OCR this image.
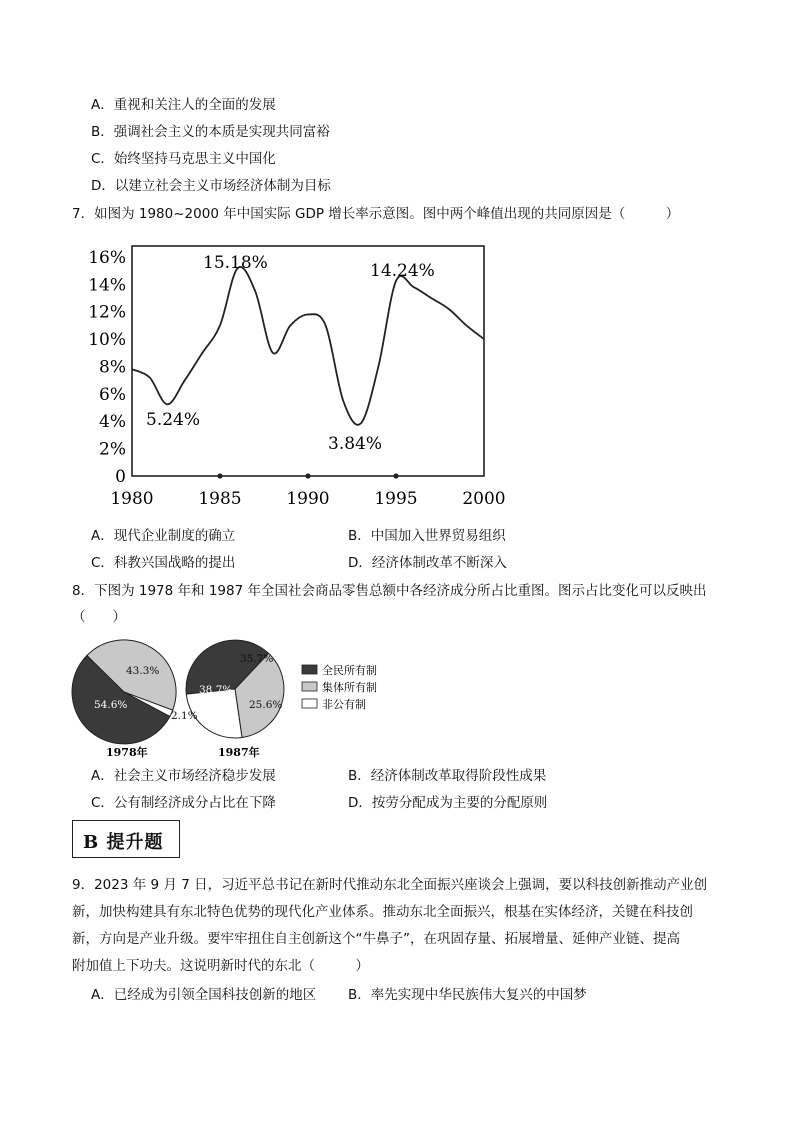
A．重视和关注人的全面的发展
B．强调社会主义的本质是实现共同富裕
C．始终坚持马克思主义中国化
D．以建立社会主义市场经济体制为目标
7．如图为 1980~2000 年中国实际 GDP 增长率示意图。图中两个峰值出现的共同原因是（　　　）
0
2%
4%
6%
8%
10%
12%
14%
16%
1980	1985	1990	1995	2000
15.18%	14.24%
5.24%
3.84%
A．现代企业制度的确立	B．中国加入世界贸易组织
C．科教兴国战略的提出	D．经济体制改革不断深入
8．下图为 1978 年和 1987 年全国社会商品零售总额中各经济成分所占比重图。图示占比变化可以反映出
（　　）
54.6%
43.3%
2.1%
38.7%
35.7%
25.6%
1978年	1987年
全民所有制
集体所有制
非公有制
A．社会主义市场经济稳步发展	B．经济体制改革取得阶段性成果
C．公有制经济成分占比在下降	D．按劳分配成为主要的分配原则
B 提升题
9．2023 年 9 月 7 日，习近平总书记在新时代推动东北全面振兴座谈会上强调，要以科技创新推动产业创
新，加快构建具有东北特色优势的现代化产业体系。推动东北全面振兴，根基在实体经济，关键在科技创
新，方向是产业升级。要牢牢扭住自主创新这个“牛鼻子”，在巩固存量、拓展增量、延伸产业链、提高
附加值上下功夫。这说明新时代的东北（　　　）
A．已经成为引领全国科技创新的地区 B．率先实现中华民族伟大复兴的中国梦
